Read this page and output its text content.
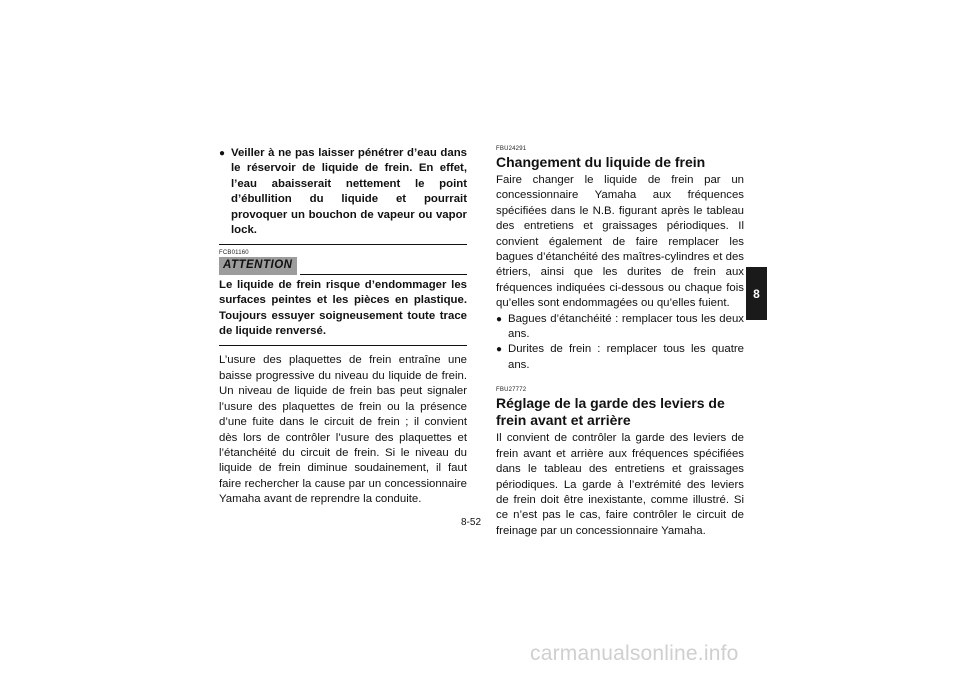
● Veiller à ne pas laisser pénétrer d’eau dans le réservoir de liquide de frein. En effet, l’eau abaisserait nettement le point d’ébullition du liquide et pourrait provoquer un bouchon de vapeur ou vapor lock.
FCB01160
ATTENTION
Le liquide de frein risque d’endommager les surfaces peintes et les pièces en plastique. Toujours essuyer soigneusement toute trace de liquide renversé.
L’usure des plaquettes de frein entraîne une baisse progressive du niveau du liquide de frein. Un niveau de liquide de frein bas peut signaler l’usure des plaquettes de frein ou la présence d’une fuite dans le circuit de frein ; il convient dès lors de contrôler l’usure des plaquettes et l’étanchéité du circuit de frein. Si le niveau du liquide de frein diminue soudainement, il faut faire rechercher la cause par un concessionnaire Yamaha avant de reprendre la conduite.
FBU24291
Changement du liquide de frein
Faire changer le liquide de frein par un concessionnaire Yamaha aux fréquences spécifiées dans le N.B. figurant après le tableau des entretiens et graissages périodiques. Il convient également de faire remplacer les bagues d’étanchéité des maîtres-cylindres et des étriers, ainsi que les durites de frein aux fréquences indiquées ci-dessous ou chaque fois qu’elles sont endommagées ou qu’elles fuient.
● Bagues d’étanchéité : remplacer tous les deux ans.
● Durites de frein : remplacer tous les quatre ans.
FBU27772
Réglage de la garde des leviers de frein avant et arrière
Il convient de contrôler la garde des leviers de frein avant et arrière aux fréquences spécifiées dans le tableau des entretiens et graissages périodiques. La garde à l’extrémité des leviers de frein doit être inexistante, comme illustré. Si ce n’est pas le cas, faire contrôler le circuit de freinage par un concessionnaire Yamaha.
8
8-52
carmanualsonline.info
